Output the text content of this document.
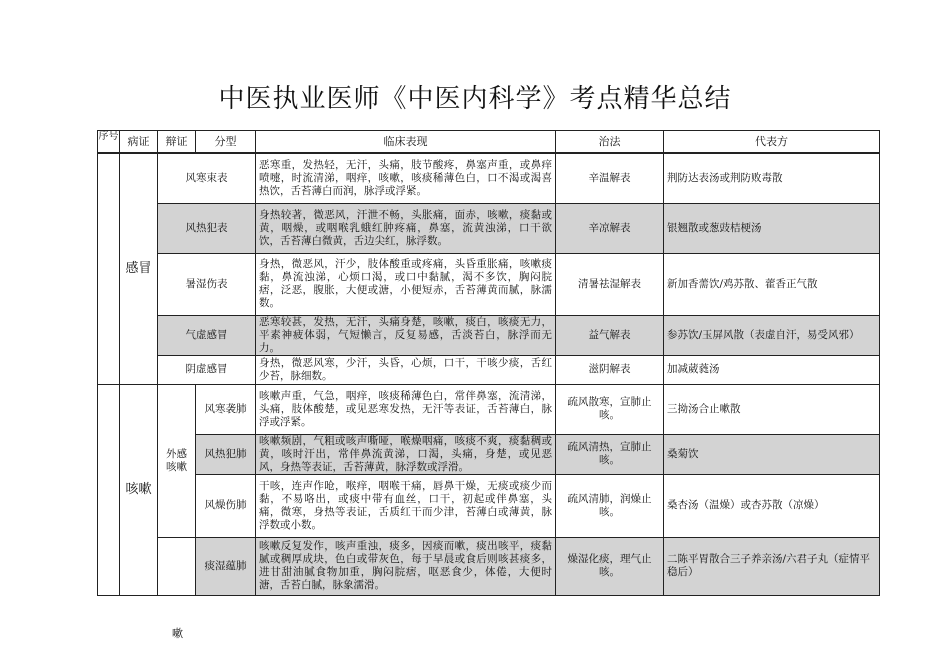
中医执业医师《中医内科学》考点精华总结
序号	病证	辩证	分型	临床表现	治法	代表方

	感冒	风寒束表		恶寒重，发热轻，无汗，头痛，肢节酸疼，鼻塞声重，或鼻痒喷嚏，时流清涕，咽痒，咳嗽，咳痰稀薄色白，口不渴或渴喜热饮，舌苔薄白而润，脉浮或浮紧。	辛温解表	荆防达表汤或荆防败毒散
		风热犯表		身热较著，微恶风，汗泄不畅，头胀痛，面赤，咳嗽，痰黏或黄，咽燥，或咽喉乳蛾红肿疼痛，鼻塞，流黄浊涕，口干欲饮，舌苔薄白微黄，舌边尖红，脉浮数。	辛凉解表	银翘散或葱豉桔梗汤
		暑湿伤表		身热，微恶风，汗少，肢体酸重或疼痛，头昏重胀痛，咳嗽痰黏，鼻流浊涕，心烦口渴，或口中黏腻，渴不多饮，胸闷脘痞，泛恶，腹胀，大便或溏，小便短赤，舌苔薄黄而腻，脉濡数。	清暑祛湿解表	新加香薷饮/鸡苏散、藿香正气散
		气虚感冒		恶寒较甚，发热，无汗，头痛身楚，咳嗽，痰白，咳痰无力，平素神疲体弱，气短懒言，反复易感，舌淡苔白，脉浮而无力。	益气解表	参苏饮/玉屏风散（表虚自汗，易受风邪）
		阴虚感冒		身热，微恶风寒，少汗，头昏，心烦，口干，干咳少痰，舌红少苔，脉细数。	滋阴解表	加减葳蕤汤

	咳嗽	外感咳嗽	风寒袭肺	咳嗽声重，气急，咽痒，咳痰稀薄色白，常伴鼻塞，流清涕，头痛，肢体酸楚，或见恶寒发热，无汗等表证，舌苔薄白，脉浮或浮紧。	疏风散寒，宣肺止咳。	三拗汤合止嗽散
			风热犯肺	咳嗽频剧，气粗或咳声嘶哑，喉燥咽痛，咳痰不爽，痰黏稠或黄，咳时汗出，常伴鼻流黄涕，口渴，头痛，身楚，或见恶风，身热等表证，舌苔薄黄，脉浮数或浮滑。	疏风清热，宣肺止咳。	桑菊饮
			风燥伤肺	干咳，连声作呛，喉痒，咽喉干痛，唇鼻干燥，无痰或痰少而黏，不易咯出，或痰中带有血丝，口干，初起或伴鼻塞，头痛，微寒，身热等表证，舌质红干而少津，苔薄白或薄黄，脉浮数或小数。	疏风清肺，润燥止咳。	桑杏汤（温燥）或杏苏散（凉燥）
			痰湿蕴肺	咳嗽反复发作，咳声重浊，痰多，因痰而嗽，痰出咳平，痰黏腻或稠厚成块，色白或带灰色，每于早晨或食后则咳甚痰多，进甘甜油腻食物加重，胸闷脘痞，呕恶食少，体倦，大便时溏，舌苔白腻，脉象濡滑。	燥湿化痰，理气止咳。	二陈平胃散合三子养亲汤/六君子丸（症情平稳后）
嗽
